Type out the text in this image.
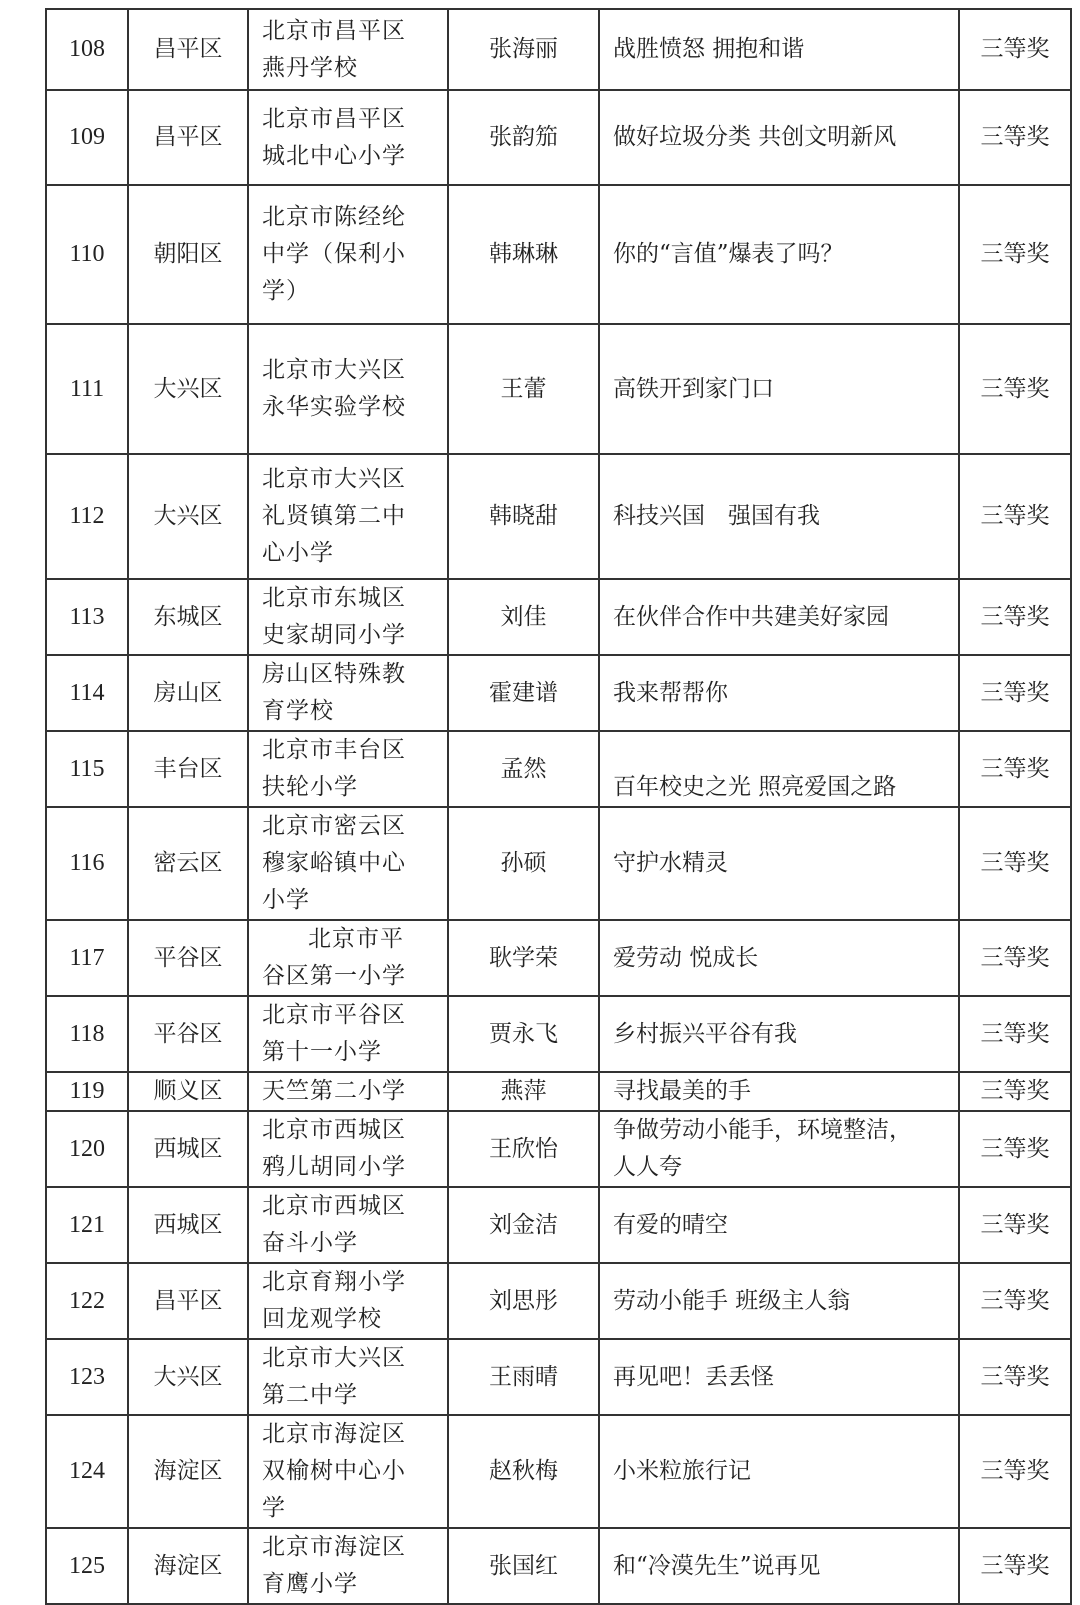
108	昌平区	北京市昌平区
燕丹学校	张海丽	战胜愤怒 拥抱和谐	三等奖
109	昌平区	北京市昌平区
城北中心小学	张韵笳	做好垃圾分类 共创文明新风	三等奖
110	朝阳区	北京市陈经纶
中学（保利小
学）	韩琳琳	你的“言值”爆表了吗？	三等奖
111	大兴区	北京市大兴区
永华实验学校	王蕾	高铁开到家门口	三等奖
112	大兴区	北京市大兴区
礼贤镇第二中
心小学	韩晓甜	科技兴国　强国有我	三等奖
113	东城区	北京市东城区
史家胡同小学	刘佳	在伙伴合作中共建美好家园	三等奖
114	房山区	房山区特殊教
育学校	霍建谱	我来帮帮你	三等奖
115	丰台区	北京市丰台区
扶轮小学	孟然	百年校史之光 照亮爱国之路	三等奖
116	密云区	北京市密云区
穆家峪镇中心
小学	孙硕	守护水精灵	三等奖
117	平谷区	北京市平
谷区第一小学	耿学荣	爱劳动 悦成长	三等奖
118	平谷区	北京市平谷区
第十一小学	贾永飞	乡村振兴平谷有我	三等奖
119	顺义区	天竺第二小学	燕萍	寻找最美的手	三等奖
120	西城区	
北京市西城区
鸦儿胡同小学
	王欣怡	
争做劳动小能手，环境整洁，
人人夸
	三等奖
121	西城区	北京市西城区
奋斗小学	刘金洁	有爱的晴空	三等奖
122	昌平区	北京育翔小学
回龙观学校	刘思彤	劳动小能手 班级主人翁	三等奖
123	大兴区	北京市大兴区
第二中学	王雨晴	再见吧！丢丢怪	三等奖
124	海淀区	北京市海淀区
双榆树中心小
学	赵秋梅	小米粒旅行记	三等奖
125	海淀区	北京市海淀区
育鹰小学	张国红	和“冷漠先生”说再见	三等奖
